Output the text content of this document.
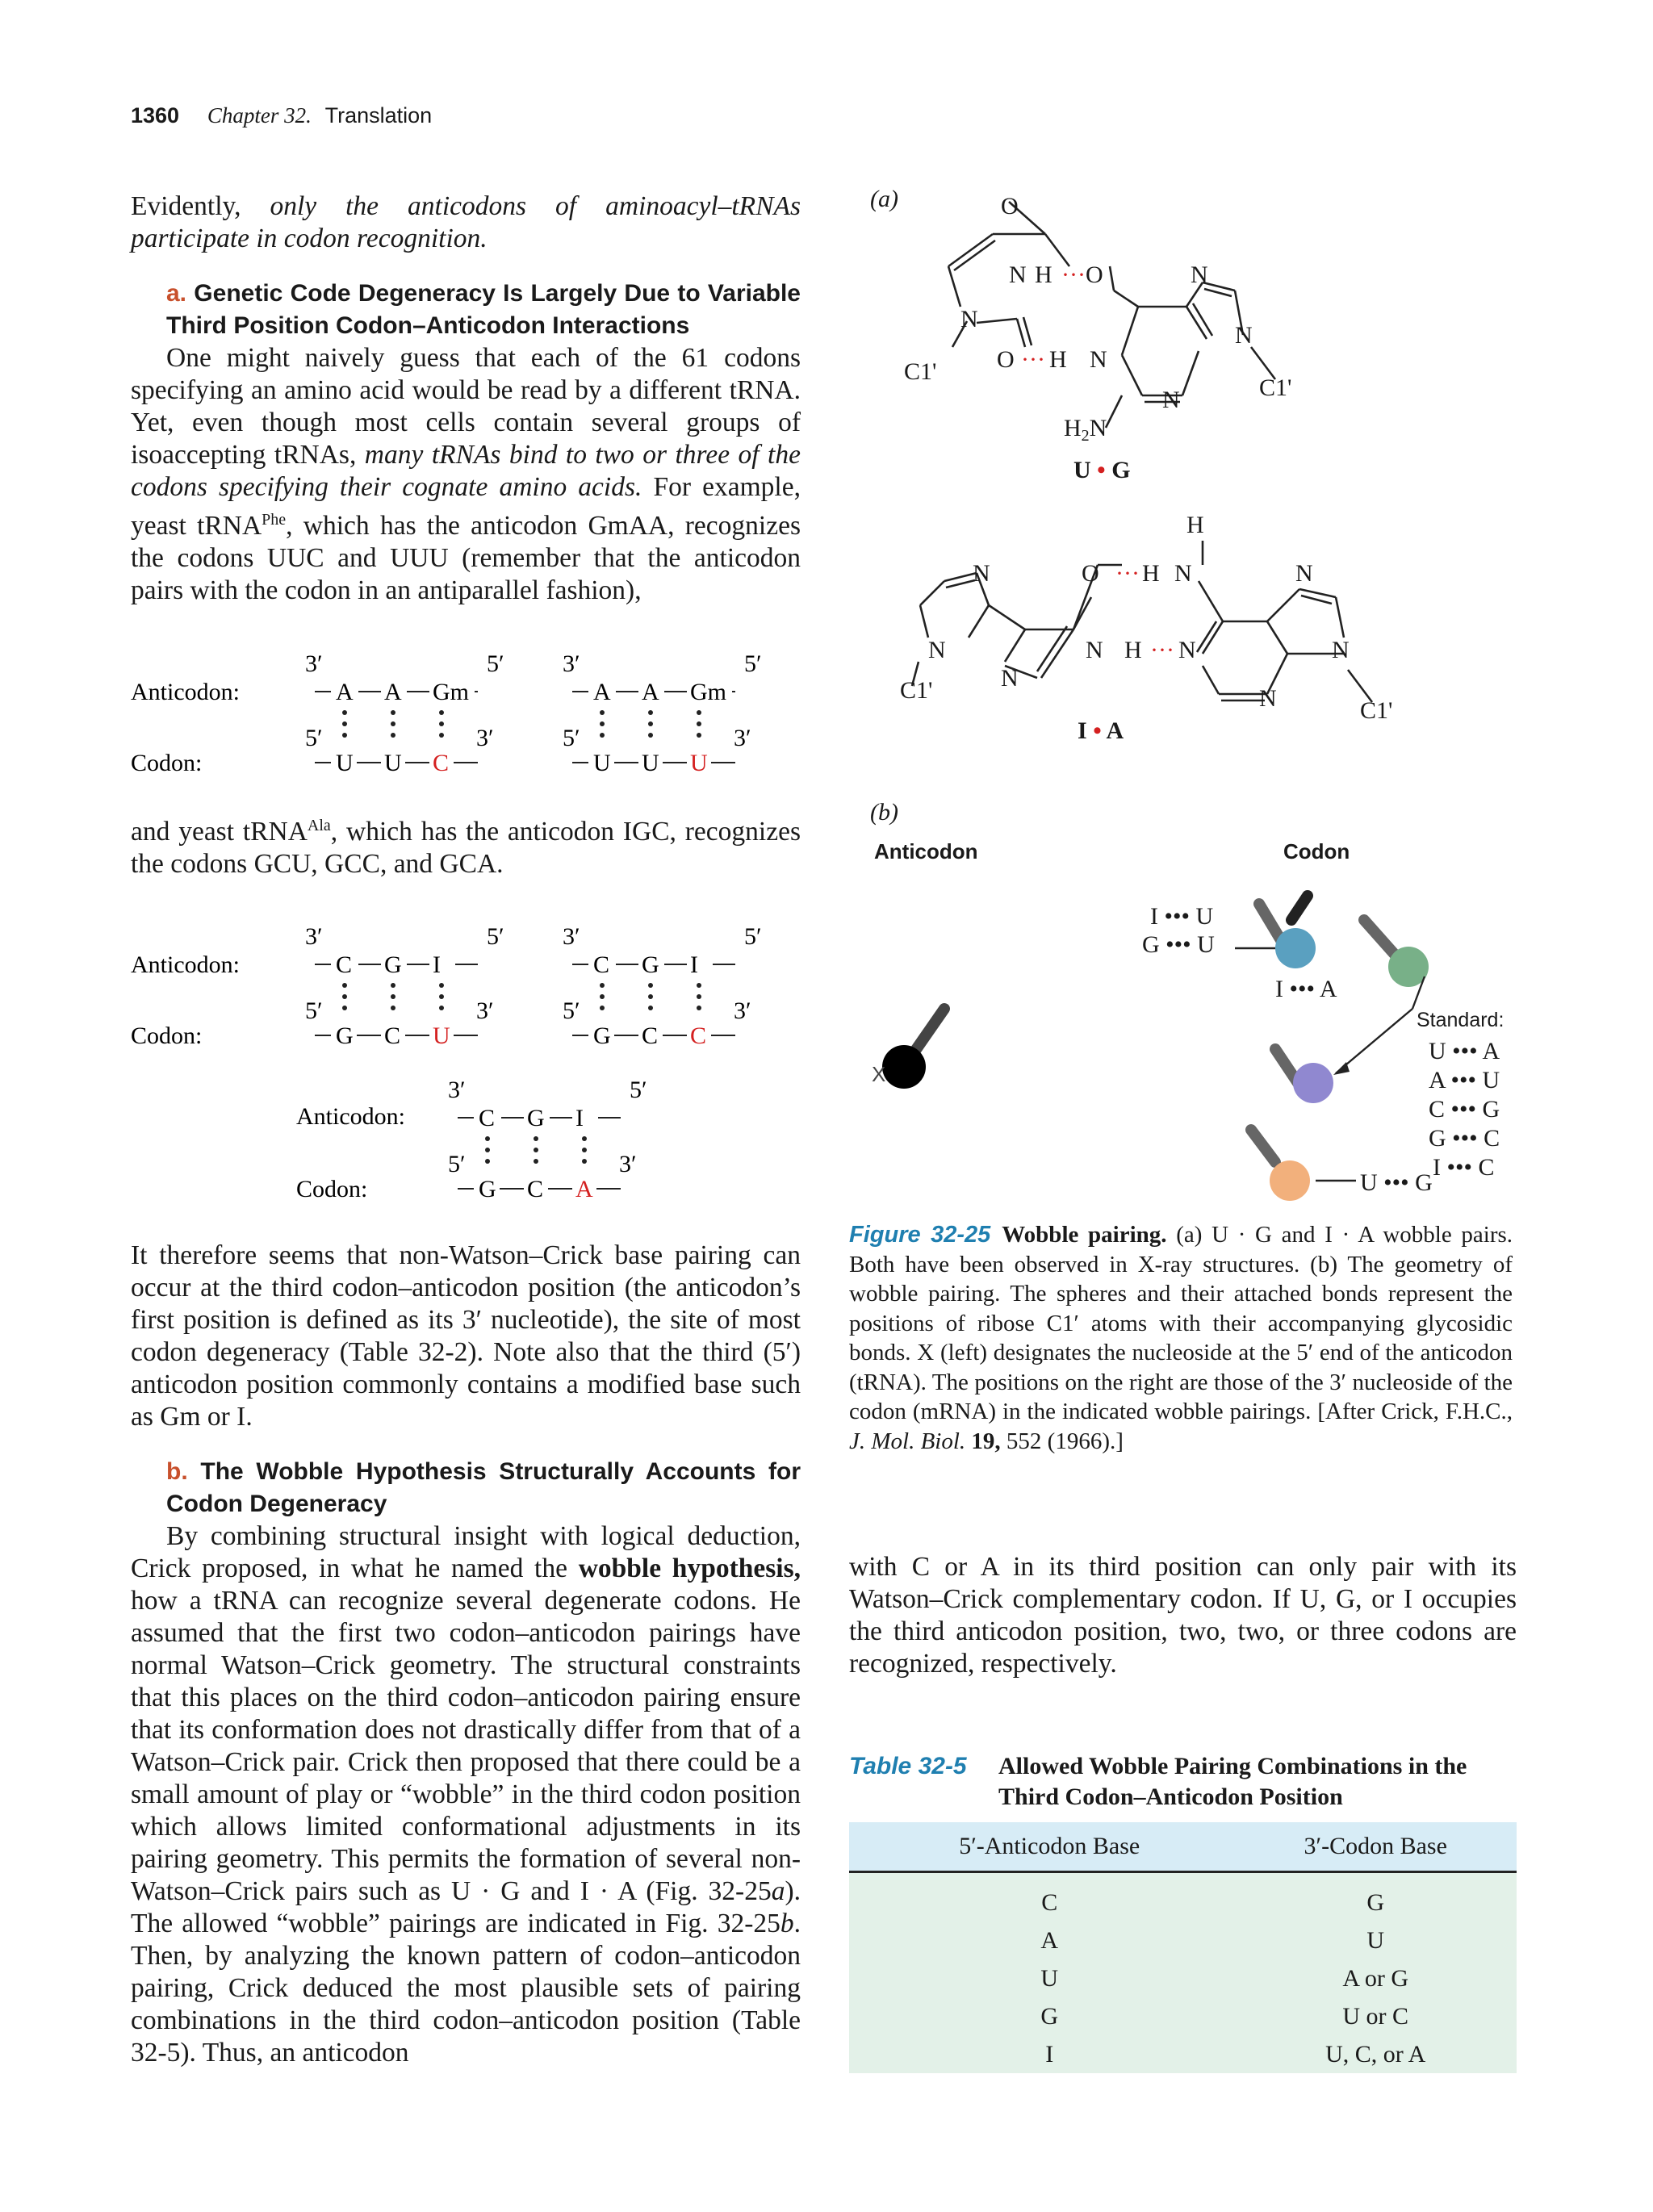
1360 Chapter 32. Translation

Evidently, only the anticodons of aminoacyl–tRNAs participate in codon recognition.

a. Genetic Code Degeneracy Is Largely Due to Variable Third Position Codon–Anticodon Interactions

One might naively guess that each of the 61 codons specifying an amino acid would be read by a different tRNA. Yet, even though most cells contain several groups of isoaccepting tRNAs, many tRNAs bind to two or three of the codons specifying their cognate amino acids. For example, yeast tRNA$^{Phe}$, which has the anticodon GmAA, recognizes the codons UUC and UUU (remember that the anticodon pairs with the codon in an antiparallel fashion),

Anticodon:
Codon:
3′	5′
5′	3′
A A Gm
U U C
3′	5′
5′	3′
A A Gm
U U U
Anticodon:
Codon:
3′	5′
5′	3′
C G I
G C U
3′	5′
5′	3′
C G I
G C C
Anticodon:
Codon:
3′	5′
5′	3′
C G I
G C A

and yeast tRNA$^{Ala}$, which has the anticodon IGC, recognizes the codons GCU, GCC, and GCA.

It therefore seems that non-Watson–Crick base pairing can occur at the third codon–anticodon position (the anticodon’s first position is defined as its 3′ nucleotide), the site of most codon degeneracy (Table 32-2). Note also that the third (5′) anticodon position commonly contains a modified base such as Gm or I.

b. The Wobble Hypothesis Structurally Accounts for Codon Degeneracy

By combining structural insight with logical deduction, Crick proposed, in what he named the wobble hypothesis, how a tRNA can recognize several degenerate codons. He assumed that the first two codon–anticodon pairings have normal Watson–Crick geometry. The structural constraints that this places on the third codon–anticodon pairing ensure that its conformation does not drastically differ from that of a Watson–Crick pair. Crick then proposed that there could be a small amount of play or “wobble” in the third codon position which allows limited conformational adjustments in its pairing geometry. This permits the formation of several non-Watson–Crick pairs such as U · G and I · A (Fig. 32-25a). The allowed “wobble” pairings are indicated in Fig. 32-25b. Then, by analyzing the known pattern of codon–anticodon pairing, Crick deduced the most plausible sets of pairing combinations in the third codon–anticodon position (Table 32-5). Thus, an anticodon

(a)	O
N H O
N
O H N
C1'
N
N
N	C1'
$H_2N$
U • G
H
N	O H N	N
N	N H N	N
N
N
C1'
C1'
I • A
···
···
···
···
(b)
Anticodon	Codon
X
I ••• U
G ••• U
I ••• A
U ••• G
Standard:
U ••• A
A ••• U
C ••• G
G ••• C
I ••• C
Figure 32-25 Wobble pairing. (a) U · G and I · A wobble pairs. Both have been observed in X-ray structures. (b) The geometry of wobble pairing. The spheres and their attached bonds represent the positions of ribose C1′ atoms with their accompanying glycosidic bonds. X (left) designates the nucleoside at the 5′ end of the anticodon (tRNA). The positions on the right are those of the 3′ nucleoside of the codon (mRNA) in the indicated wobble pairings. [After Crick, F.H.C., J. Mol. Biol. 19, 552 (1966).]
with C or A in its third position can only pair with its Watson–Crick complementary codon. If U, G, or I occupies the third anticodon position, two, two, or three codons are recognized, respectively.
Table 32-5	Allowed Wobble Pairing Combinations in the Third Codon–Anticodon Position
5′-Anticodon Base	3′-Codon Base
C	G
A	U
U	A or G
G	U or C
I	U, C, or A
